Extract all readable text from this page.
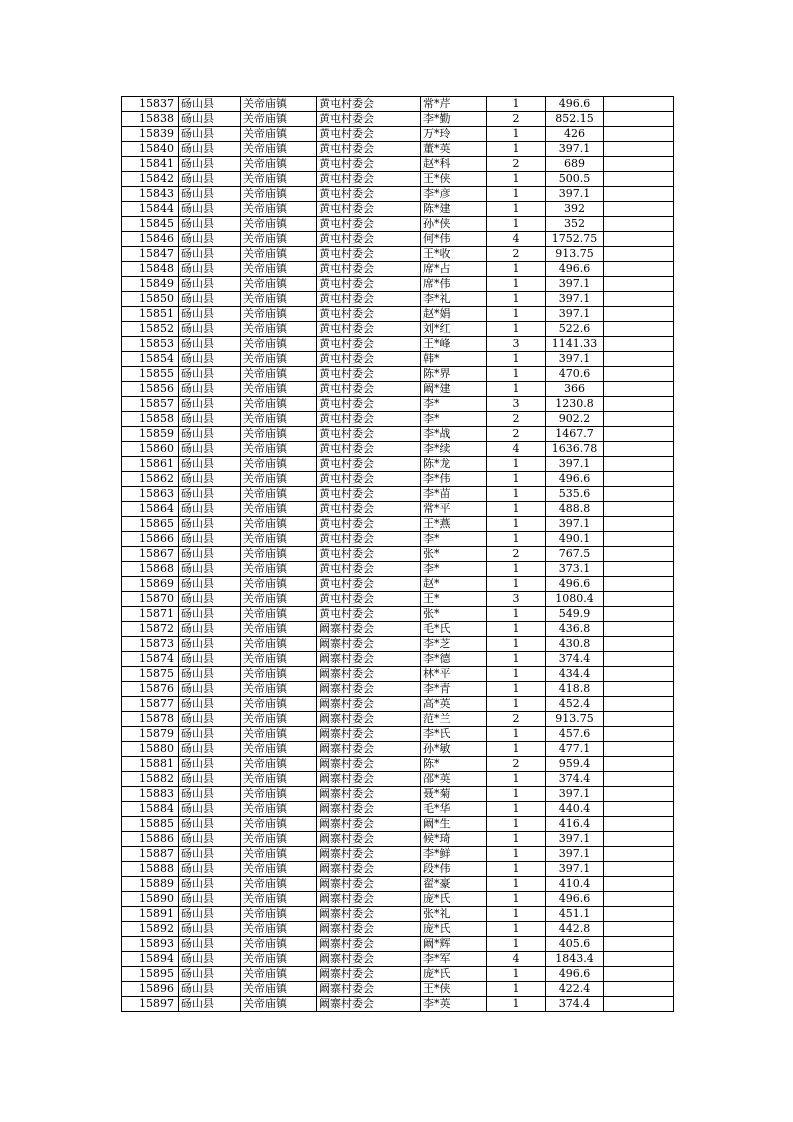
15837	砀山县	关帝庙镇	黄屯村委会	常*芹	1	496.6	
15838	砀山县	关帝庙镇	黄屯村委会	李*勤	2	852.15	
15839	砀山县	关帝庙镇	黄屯村委会	万*玲	1	426	
15840	砀山县	关帝庙镇	黄屯村委会	董*英	1	397.1	
15841	砀山县	关帝庙镇	黄屯村委会	赵*科	2	689	
15842	砀山县	关帝庙镇	黄屯村委会	王*侠	1	500.5	
15843	砀山县	关帝庙镇	黄屯村委会	李*彦	1	397.1	
15844	砀山县	关帝庙镇	黄屯村委会	陈*建	1	392	
15845	砀山县	关帝庙镇	黄屯村委会	孙*侠	1	352	
15846	砀山县	关帝庙镇	黄屯村委会	何*伟	4	1752.75	
15847	砀山县	关帝庙镇	黄屯村委会	王*收	2	913.75	
15848	砀山县	关帝庙镇	黄屯村委会	席*占	1	496.6	
15849	砀山县	关帝庙镇	黄屯村委会	席*伟	1	397.1	
15850	砀山县	关帝庙镇	黄屯村委会	李*礼	1	397.1	
15851	砀山县	关帝庙镇	黄屯村委会	赵*娟	1	397.1	
15852	砀山县	关帝庙镇	黄屯村委会	刘*红	1	522.6	
15853	砀山县	关帝庙镇	黄屯村委会	王*峰	3	1141.33	
15854	砀山县	关帝庙镇	黄屯村委会	韩*	1	397.1	
15855	砀山县	关帝庙镇	黄屯村委会	陈*界	1	470.6	
15856	砀山县	关帝庙镇	黄屯村委会	阚*建	1	366	
15857	砀山县	关帝庙镇	黄屯村委会	李*	3	1230.8	
15858	砀山县	关帝庙镇	黄屯村委会	李*	2	902.2	
15859	砀山县	关帝庙镇	黄屯村委会	李*战	2	1467.7	
15860	砀山县	关帝庙镇	黄屯村委会	李*续	4	1636.78	
15861	砀山县	关帝庙镇	黄屯村委会	陈*龙	1	397.1	
15862	砀山县	关帝庙镇	黄屯村委会	李*伟	1	496.6	
15863	砀山县	关帝庙镇	黄屯村委会	李*苗	1	535.6	
15864	砀山县	关帝庙镇	黄屯村委会	常*平	1	488.8	
15865	砀山县	关帝庙镇	黄屯村委会	王*燕	1	397.1	
15866	砀山县	关帝庙镇	黄屯村委会	李*	1	490.1	
15867	砀山县	关帝庙镇	黄屯村委会	张*	2	767.5	
15868	砀山县	关帝庙镇	黄屯村委会	李*	1	373.1	
15869	砀山县	关帝庙镇	黄屯村委会	赵*	1	496.6	
15870	砀山县	关帝庙镇	黄屯村委会	王*	3	1080.4	
15871	砀山县	关帝庙镇	黄屯村委会	张*	1	549.9	
15872	砀山县	关帝庙镇	阚寨村委会	毛*氏	1	436.8	
15873	砀山县	关帝庙镇	阚寨村委会	李*芝	1	430.8	
15874	砀山县	关帝庙镇	阚寨村委会	李*德	1	374.4	
15875	砀山县	关帝庙镇	阚寨村委会	林*平	1	434.4	
15876	砀山县	关帝庙镇	阚寨村委会	李*青	1	418.8	
15877	砀山县	关帝庙镇	阚寨村委会	高*英	1	452.4	
15878	砀山县	关帝庙镇	阚寨村委会	范*兰	2	913.75	
15879	砀山县	关帝庙镇	阚寨村委会	李*氏	1	457.6	
15880	砀山县	关帝庙镇	阚寨村委会	孙*敏	1	477.1	
15881	砀山县	关帝庙镇	阚寨村委会	陈*	2	959.4	
15882	砀山县	关帝庙镇	阚寨村委会	邵*英	1	374.4	
15883	砀山县	关帝庙镇	阚寨村委会	聂*菊	1	397.1	
15884	砀山县	关帝庙镇	阚寨村委会	毛*华	1	440.4	
15885	砀山县	关帝庙镇	阚寨村委会	阚*生	1	416.4	
15886	砀山县	关帝庙镇	阚寨村委会	候*琦	1	397.1	
15887	砀山县	关帝庙镇	阚寨村委会	李*鲜	1	397.1	
15888	砀山县	关帝庙镇	阚寨村委会	段*伟	1	397.1	
15889	砀山县	关帝庙镇	阚寨村委会	翟*豪	1	410.4	
15890	砀山县	关帝庙镇	阚寨村委会	庞*氏	1	496.6	
15891	砀山县	关帝庙镇	阚寨村委会	张*礼	1	451.1	
15892	砀山县	关帝庙镇	阚寨村委会	庞*氏	1	442.8	
15893	砀山县	关帝庙镇	阚寨村委会	阚*辉	1	405.6	
15894	砀山县	关帝庙镇	阚寨村委会	李*军	4	1843.4	
15895	砀山县	关帝庙镇	阚寨村委会	庞*氏	1	496.6	
15896	砀山县	关帝庙镇	阚寨村委会	王*侠	1	422.4	
15897	砀山县	关帝庙镇	阚寨村委会	李*英	1	374.4	
